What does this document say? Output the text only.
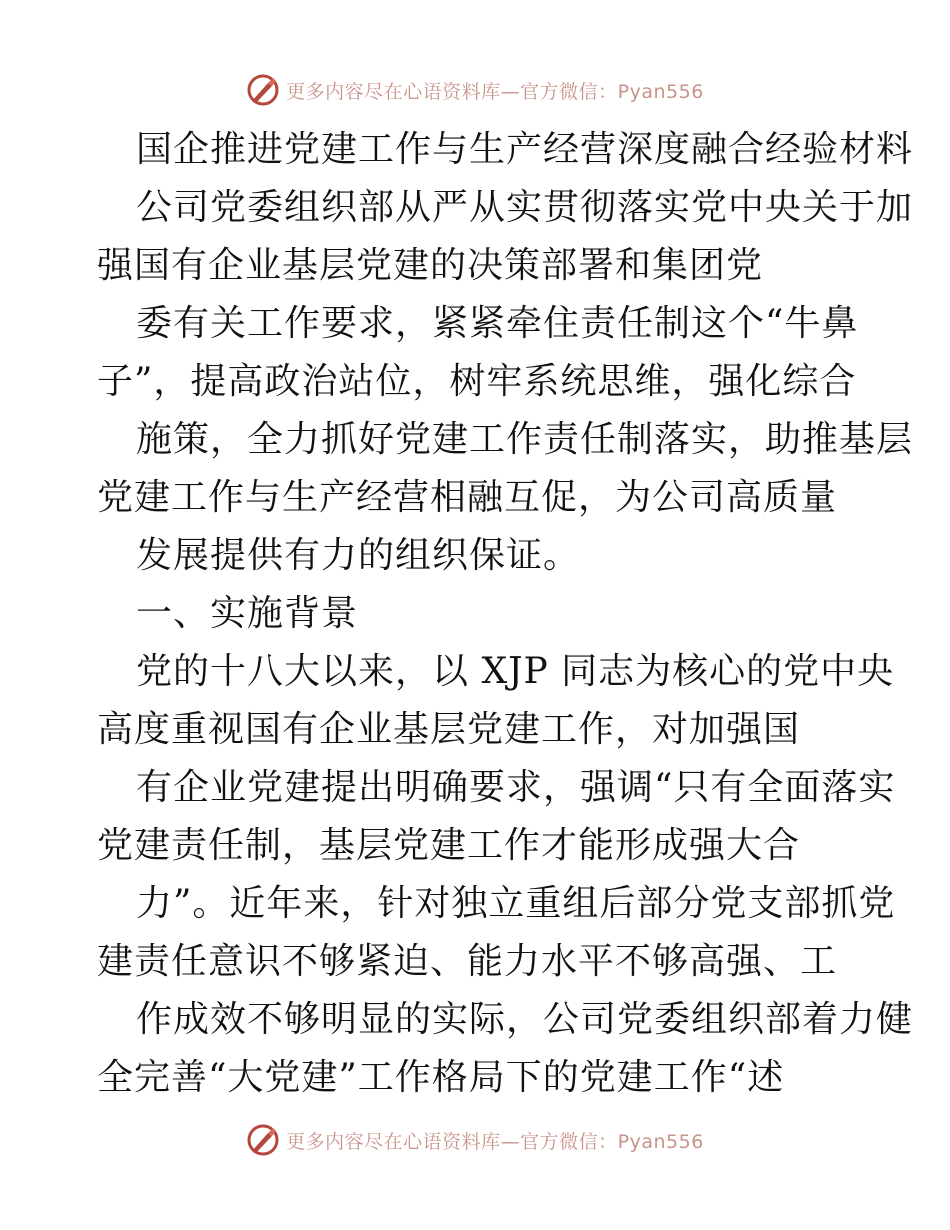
更多内容尽在心语资料库—官方微信：Pyan556
国企推进党建工作与生产经营深度融合经验材料
公司党委组织部从严从实贯彻落实党中央关于加
强国有企业基层党建的决策部署和集团党
委有关工作要求，紧紧牵住责任制这个“牛鼻
子”，提高政治站位，树牢系统思维，强化综合
施策，全力抓好党建工作责任制落实，助推基层
党建工作与生产经营相融互促，为公司高质量
发展提供有力的组织保证。
一、实施背景
党的十八大以来，以 XJP 同志为核心的党中央
高度重视国有企业基层党建工作，对加强国
有企业党建提出明确要求，强调“只有全面落实
党建责任制，基层党建工作才能形成强大合
力”。近年来，针对独立重组后部分党支部抓党
建责任意识不够紧迫、能力水平不够高强、工
作成效不够明显的实际，公司党委组织部着力健
全完善“大党建”工作格局下的党建工作“述
更多内容尽在心语资料库—官方微信：Pyan556
